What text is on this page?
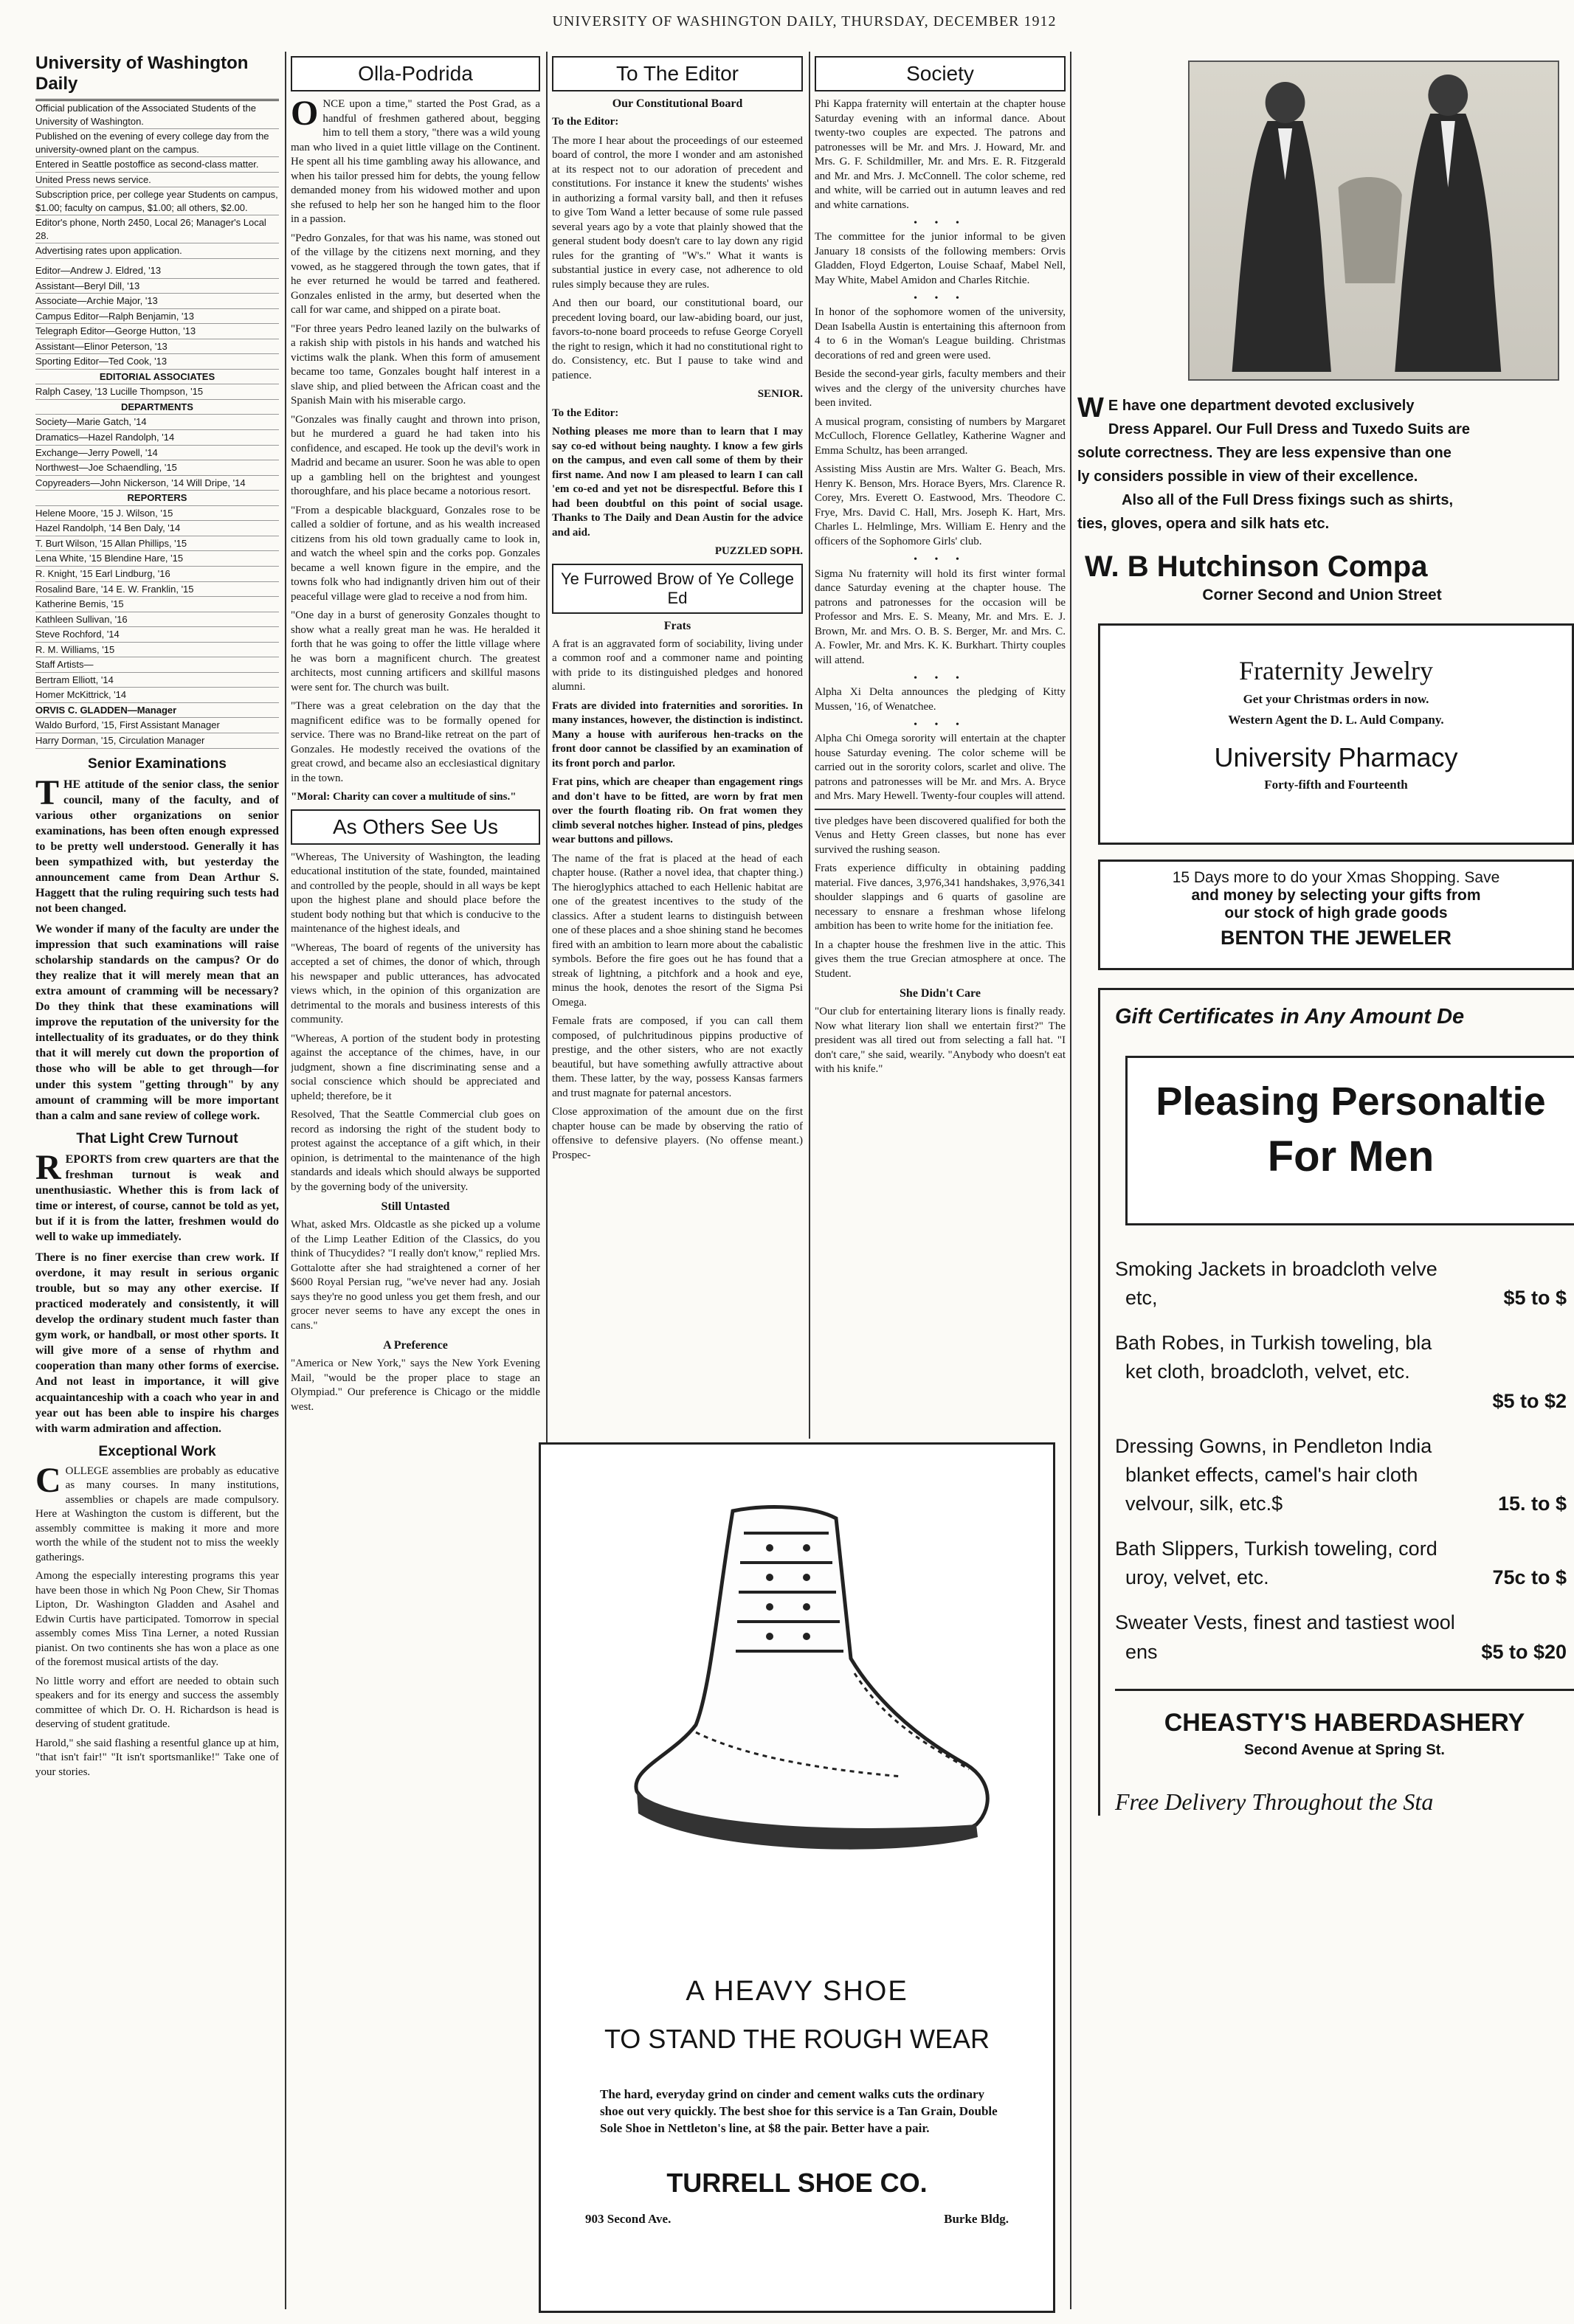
UNIVERSITY OF WASHINGTON DAILY, THURSDAY, DECEMBER 1912
University of Washington Daily
Official publication of the Associated Students of the University of Washington.
Published on the evening of every college day from the university-owned plant on the campus.
Entered in Seattle postoffice as second-class matter.
United Press news service.
Subscription price, per college year Students on campus, $1.00; faculty on campus, $1.00; all others, $2.00.
Editor's phone, North 2450, Local 26; Manager's Local 28.
Advertising rates upon application.
Editor—Andrew J. Eldred, '13
Assistant—Beryl Dill, '13
Associate—Archie Major, '13
Campus Editor—Ralph Benjamin, '13
Telegraph Editor—George Hutton, '13
Assistant—Elinor Peterson, '13
Sporting Editor—Ted Cook, '13
EDITORIAL ASSOCIATES
Ralph Casey, '13 Lucille Thompson, '15
DEPARTMENTS
Society—Marie Gatch, '14
Dramatics—Hazel Randolph, '14
Exchange—Jerry Powell, '14
Northwest—Joe Schaendling, '15
Copyreaders—John Nickerson, '14 Will Dripe, '14
REPORTERS
Helene Moore, '15 J. Wilson, '15
Hazel Randolph, '14 Ben Daly, '14
T. Burt Wilson, '15 Allan Phillips, '15
Lena White, '15 Blendine Hare, '15
R. Knight, '15 Earl Lindburg, '16
Rosalind Bare, '14 E. W. Franklin, '15
Katherine Bemis, '15
Kathleen Sullivan, '16
Steve Rochford, '14
R. M. Williams, '15
Staff Artists—
Bertram Elliott, '14
Homer McKittrick, '14
ORVIS C. GLADDEN—Manager
Waldo Burford, '15, First Assistant Manager
Harry Dorman, '15, Circulation Manager
Senior Examinations

THE attitude of the senior class, the senior council, many of the faculty, and of various other organizations on senior examinations, has been often enough expressed to be pretty well understood. Generally it has been sympathized with, but yesterday the announcement came from Dean Arthur S. Haggett that the ruling requiring such tests had not been changed.

We wonder if many of the faculty are under the impression that such examinations will raise scholarship standards on the campus? Or do they realize that it will merely mean that an extra amount of cramming will be necessary? Do they think that these examinations will improve the reputation of the university for the intellectuality of its graduates, or do they think that it will merely cut down the proportion of those who will be able to get through—for under this system "getting through" by any amount of cramming will be more important than a calm and sane review of college work.

That Light Crew Turnout

REPORTS from crew quarters are that the freshman turnout is weak and unenthusiastic. Whether this is from lack of time or interest, of course, cannot be told as yet, but if it is from the latter, freshmen would do well to wake up immediately.

There is no finer exercise than crew work. If overdone, it may result in serious organic trouble, but so may any other exercise. If practiced moderately and consistently, it will develop the ordinary student much faster than gym work, or handball, or most other sports. It will give more of a sense of rhythm and cooperation than many other forms of exercise. And not least in importance, it will give acquaintanceship with a coach who year in and year out has been able to inspire his charges with warm admiration and affection.

Exceptional Work

COLLEGE assemblies are probably as educative as many courses. In many institutions, assemblies or chapels are made compulsory. Here at Washington the custom is different, but the assembly committee is making it more and more worth the while of the student not to miss the weekly gatherings.

Among the especially interesting programs this year have been those in which Ng Poon Chew, Sir Thomas Lipton, Dr. Washington Gladden and Asahel and Edwin Curtis have participated. Tomorrow in special assembly comes Miss Tina Lerner, a noted Russian pianist. On two continents she has won a place as one of the foremost musical artists of the day.

No little worry and effort are needed to obtain such speakers and for its energy and success the assembly committee of which Dr. O. H. Richardson is head is deserving of student gratitude.

Harold," she said flashing a resentful glance up at him, "that isn't fair!" "It isn't sportsmanlike!" Take one of your stories.

Olla-Podrida

ONCE upon a time," started the Post Grad, as a handful of freshmen gathered about, begging him to tell them a story, "there was a wild young man who lived in a quiet little village on the Continent. He spent all his time gambling away his allowance, and when his tailor pressed him for debts, the young fellow demanded money from his widowed mother and upon she refused to help her son he hanged him to the floor in a passion.

"Pedro Gonzales, for that was his name, was stoned out of the village by the citizens next morning, and they vowed, as he staggered through the town gates, that if he ever returned he would be tarred and feathered. Gonzales enlisted in the army, but deserted when the call for war came, and shipped on a pirate boat.

"For three years Pedro leaned lazily on the bulwarks of a rakish ship with pistols in his hands and watched his victims walk the plank. When this form of amusement became too tame, Gonzales bought half interest in a slave ship, and plied between the African coast and the Spanish Main with his miserable cargo.

"Gonzales was finally caught and thrown into prison, but he murdered a guard he had taken into his confidence, and escaped. He took up the devil's work in Madrid and became an usurer. Soon he was able to open up a gambling hell on the brightest and youngest thoroughfare, and his place became a notorious resort.

"From a despicable blackguard, Gonzales rose to be called a soldier of fortune, and as his wealth increased citizens from his old town gradually came to look in, and watch the wheel spin and the corks pop. Gonzales became a well known figure in the empire, and the towns folk who had indignantly driven him out of their peaceful village were glad to receive a nod from him.

"One day in a burst of generosity Gonzales thought to show what a really great man he was. He heralded it forth that he was going to offer the little village where he was born a magnificent church. The greatest architects, most cunning artificers and skillful masons were sent for. The church was built.

"There was a great celebration on the day that the magnificent edifice was to be formally opened for service. There was no Brand-like retreat on the part of Gonzales. He modestly received the ovations of the great crowd, and became also an ecclesiastical dignitary in the town.

"Moral: Charity can cover a multitude of sins."

As Others See Us

"Whereas, The University of Washington, the leading educational institution of the state, founded, maintained and controlled by the people, should in all ways be kept upon the highest plane and should place before the student body nothing but that which is conducive to the maintenance of the highest ideals, and

"Whereas, The board of regents of the university has accepted a set of chimes, the donor of which, through his newspaper and public utterances, has advocated views which, in the opinion of this organization are detrimental to the morals and business interests of this community.

"Whereas, A portion of the student body in protesting against the acceptance of the chimes, have, in our judgment, shown a fine discriminating sense and a social conscience which should be appreciated and upheld; therefore, be it

Resolved, That the Seattle Commercial club goes on record as indorsing the right of the student body to protest against the acceptance of a gift which, in their opinion, is detrimental to the maintenance of the high standards and ideals which should always be supported by the governing body of the university.

Still Untasted

What, asked Mrs. Oldcastle as she picked up a volume of the Limp Leather Edition of the Classics, do you think of Thucydides? "I really don't know," replied Mrs. Gottalotte after she had straightened a corner of her $600 Royal Persian rug, "we've never had any. Josiah says they're no good unless you get them fresh, and our grocer never seems to have any except the ones in cans."

A Preference

"America or New York," says the New York Evening Mail, "would be the proper place to stage an Olympiad." Our preference is Chicago or the middle west.

To The Editor
Our Constitutional Board

To the Editor:

The more I hear about the proceedings of our esteemed board of control, the more I wonder and am astonished at its respect not to our adoration of precedent and constitutions. For instance it knew the students' wishes in authorizing a formal varsity ball, and then it refuses to give Tom Wand a letter because of some rule passed several years ago by a vote that plainly showed that the general student body doesn't care to lay down any rigid rules for the granting of "W's." What it wants is substantial justice in every case, not adherence to old rules simply because they are rules.

And then our board, our constitutional board, our precedent loving board, our law-abiding board, our just, favors-to-none board proceeds to refuse George Coryell the right to resign, which it had no constitutional right to do. Consistency, etc. But I pause to take wind and patience.

SENIOR.

To the Editor:

Nothing pleases me more than to learn that I may say co-ed without being naughty. I know a few girls on the campus, and even call some of them by their first name. And now I am pleased to learn I can call 'em co-ed and yet not be disrespectful. Before this I had been doubtful on this point of social usage. Thanks to The Daily and Dean Austin for the advice and aid.

PUZZLED SOPH.

Ye Furrowed Brow of Ye College Ed
Frats

A frat is an aggravated form of sociability, living under a common roof and a commoner name and pointing with pride to its distinguished pledges and honored alumni.

Frats are divided into fraternities and sororities. In many instances, however, the distinction is indistinct. Many a house with auriferous hen-tracks on the front door cannot be classified by an examination of its front porch and parlor.

Frat pins, which are cheaper than engagement rings and don't have to be fitted, are worn by frat men over the fourth floating rib. On frat women they climb several notches higher. Instead of pins, pledges wear buttons and pillows.

The name of the frat is placed at the head of each chapter house. (Rather a novel idea, that chapter thing.) The hieroglyphics attached to each Hellenic habitat are one of the greatest incentives to the study of the classics. After a student learns to distinguish between one of these places and a shoe shining stand he becomes fired with an ambition to learn more about the cabalistic symbols. Before the fire goes out he has found that a streak of lightning, a pitchfork and a hook and eye, minus the hook, denotes the resort of the Sigma Psi Omega.

Female frats are composed, if you can call them composed, of pulchritudinous pippins productive of prestige, and the other sisters, who are not exactly beautiful, but have something awfully attractive about them. These latter, by the way, possess Kansas farmers and trust magnate for paternal ancestors.

Close approximation of the amount due on the first chapter house can be made by observing the ratio of offensive to defensive players. (No offense meant.) Prospec-

Society

Phi Kappa fraternity will entertain at the chapter house Saturday evening with an informal dance. About twenty-two couples are expected. The patrons and patronesses will be Mr. and Mrs. J. Howard, Mr. and Mrs. G. F. Schildmiller, Mr. and Mrs. E. R. Fitzgerald and Mr. and Mrs. J. McConnell. The color scheme, red and white, will be carried out in autumn leaves and red and white carnations.

• • •

The committee for the junior informal to be given January 18 consists of the following members: Orvis Gladden, Floyd Edgerton, Louise Schaaf, Mabel Nell, May White, Mabel Amidon and Charles Ritchie.

• • •

In honor of the sophomore women of the university, Dean Isabella Austin is entertaining this afternoon from 4 to 6 in the Woman's League building. Christmas decorations of red and green were used.

Beside the second-year girls, faculty members and their wives and the clergy of the university churches have been invited.

A musical program, consisting of numbers by Margaret McCulloch, Florence Gellatley, Katherine Wagner and Emma Schultz, has been arranged.

Assisting Miss Austin are Mrs. Walter G. Beach, Mrs. Henry K. Benson, Mrs. Horace Byers, Mrs. Clarence R. Corey, Mrs. Everett O. Eastwood, Mrs. Theodore C. Frye, Mrs. David C. Hall, Mrs. Joseph K. Hart, Mrs. Charles L. Helmlinge, Mrs. William E. Henry and the officers of the Sophomore Girls' club.

• • •

Sigma Nu fraternity will hold its first winter formal dance Saturday evening at the chapter house. The patrons and patronesses for the occasion will be Professor and Mrs. E. S. Meany, Mr. and Mrs. E. J. Brown, Mr. and Mrs. O. B. S. Berger, Mr. and Mrs. C. A. Fowler, Mr. and Mrs. K. K. Burkhart. Thirty couples will attend.

• • •

Alpha Xi Delta announces the pledging of Kitty Mussen, '16, of Wenatchee.

• • •

Alpha Chi Omega sorority will entertain at the chapter house Saturday evening. The color scheme will be carried out in the sorority colors, scarlet and olive. The patrons and patronesses will be Mr. and Mrs. A. Bryce and Mrs. Mary Hewell. Twenty-four couples will attend.

tive pledges have been discovered qualified for both the Venus and Hetty Green classes, but none has ever survived the rushing season.

Frats experience difficulty in obtaining padding material. Five dances, 3,976,341 handshakes, 3,976,341 shoulder slappings and 6 quarts of gasoline are necessary to ensnare a freshman whose lifelong ambition has been to write home for the initiation fee.

In a chapter house the freshmen live in the attic. This gives them the true Grecian atmosphere at once. The Student.

She Didn't Care

"Our club for entertaining literary lions is finally ready. Now what literary lion shall we entertain first?" The president was all tired out from selecting a fall hat. "I don't care," she said, wearily. "Anybody who doesn't eat with his knife."

A HEAVY SHOE
TO STAND THE ROUGH WEAR
The hard, everyday grind on cinder and cement walks cuts the ordinary shoe out very quickly. The best shoe for this service is a Tan Grain, Double Sole Shoe in Nettleton's line, at $8 the pair. Better have a pair.
TURRELL SHOE CO.
903 Second Ave.	Burke Bldg.
W E have one department devoted exclusively
Dress Apparel. Our Full Dress and Tuxedo Suits are
solute correctness. They are less expensive than one
ly considers possible in view of their excellence.
Also all of the Full Dress fixings such as shirts,
ties, gloves, opera and silk hats etc.
W. B Hutchinson Compa
Corner Second and Union Street
Fraternity Jewelry
Get your Christmas orders in now.
Western Agent the D. L. Auld Company.
University Pharmacy
Forty-fifth and Fourteenth
15 Days more to do your Xmas Shopping. Save
and money by selecting your gifts from
our stock of high grade goods
BENTON THE JEWELER
Gift Certificates in Any Amount De
Pleasing Personaltie
For Men
Smoking Jackets in broadcloth velve
etc,	$5 to $
Bath Robes, in Turkish toweling, bla
ket cloth, broadcloth, velvet, etc.
$5 to $2
Dressing Gowns, in Pendleton India
blanket effects, camel's hair cloth
velvour, silk, etc.$	15. to $
Bath Slippers, Turkish toweling, cord
uroy, velvet, etc.	75c to $
Sweater Vests, finest and tastiest wool
ens	$5 to $20
CHEASTY'S HABERDASHERY
Second Avenue at Spring St.
Free Delivery Throughout the Sta
